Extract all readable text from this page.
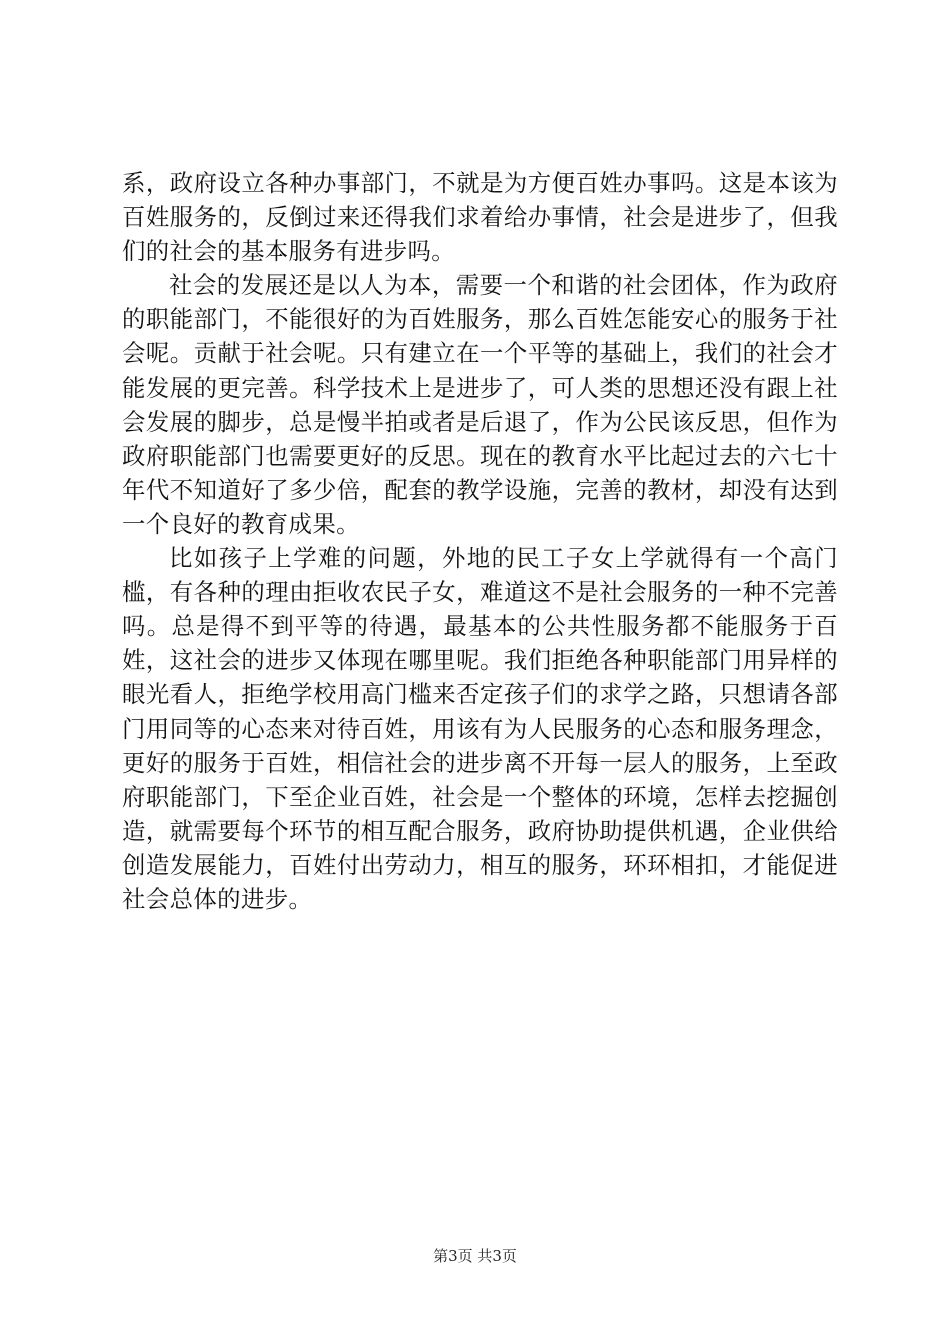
系，政府设立各种办事部门，不就是为方便百姓办事吗。这是本该为百姓服务的，反倒过来还得我们求着给办事情，社会是进步了，但我们的社会的基本服务有进步吗。

社会的发展还是以人为本，需要一个和谐的社会团体，作为政府的职能部门，不能很好的为百姓服务，那么百姓怎能安心的服务于社会呢。贡献于社会呢。只有建立在一个平等的基础上，我们的社会才能发展的更完善。科学技术上是进步了，可人类的思想还没有跟上社会发展的脚步，总是慢半拍或者是后退了，作为公民该反思，但作为政府职能部门也需要更好的反思。现在的教育水平比起过去的六七十年代不知道好了多少倍，配套的教学设施，完善的教材，却没有达到一个良好的教育成果。

比如孩子上学难的问题，外地的民工子女上学就得有一个高门槛，有各种的理由拒收农民子女，难道这不是社会服务的一种不完善吗。总是得不到平等的待遇，最基本的公共性服务都不能服务于百姓，这社会的进步又体现在哪里呢。我们拒绝各种职能部门用异样的眼光看人，拒绝学校用高门槛来否定孩子们的求学之路，只想请各部门用同等的心态来对待百姓，用该有为人民服务的心态和服务理念，更好的服务于百姓，相信社会的进步离不开每一层人的服务，上至政府职能部门，下至企业百姓，社会是一个整体的环境，怎样去挖掘创造，就需要每个环节的相互配合服务，政府协助提供机遇，企业供给创造发展能力，百姓付出劳动力，相互的服务，环环相扣，才能促进社会总体的进步。

第3页 共3页
